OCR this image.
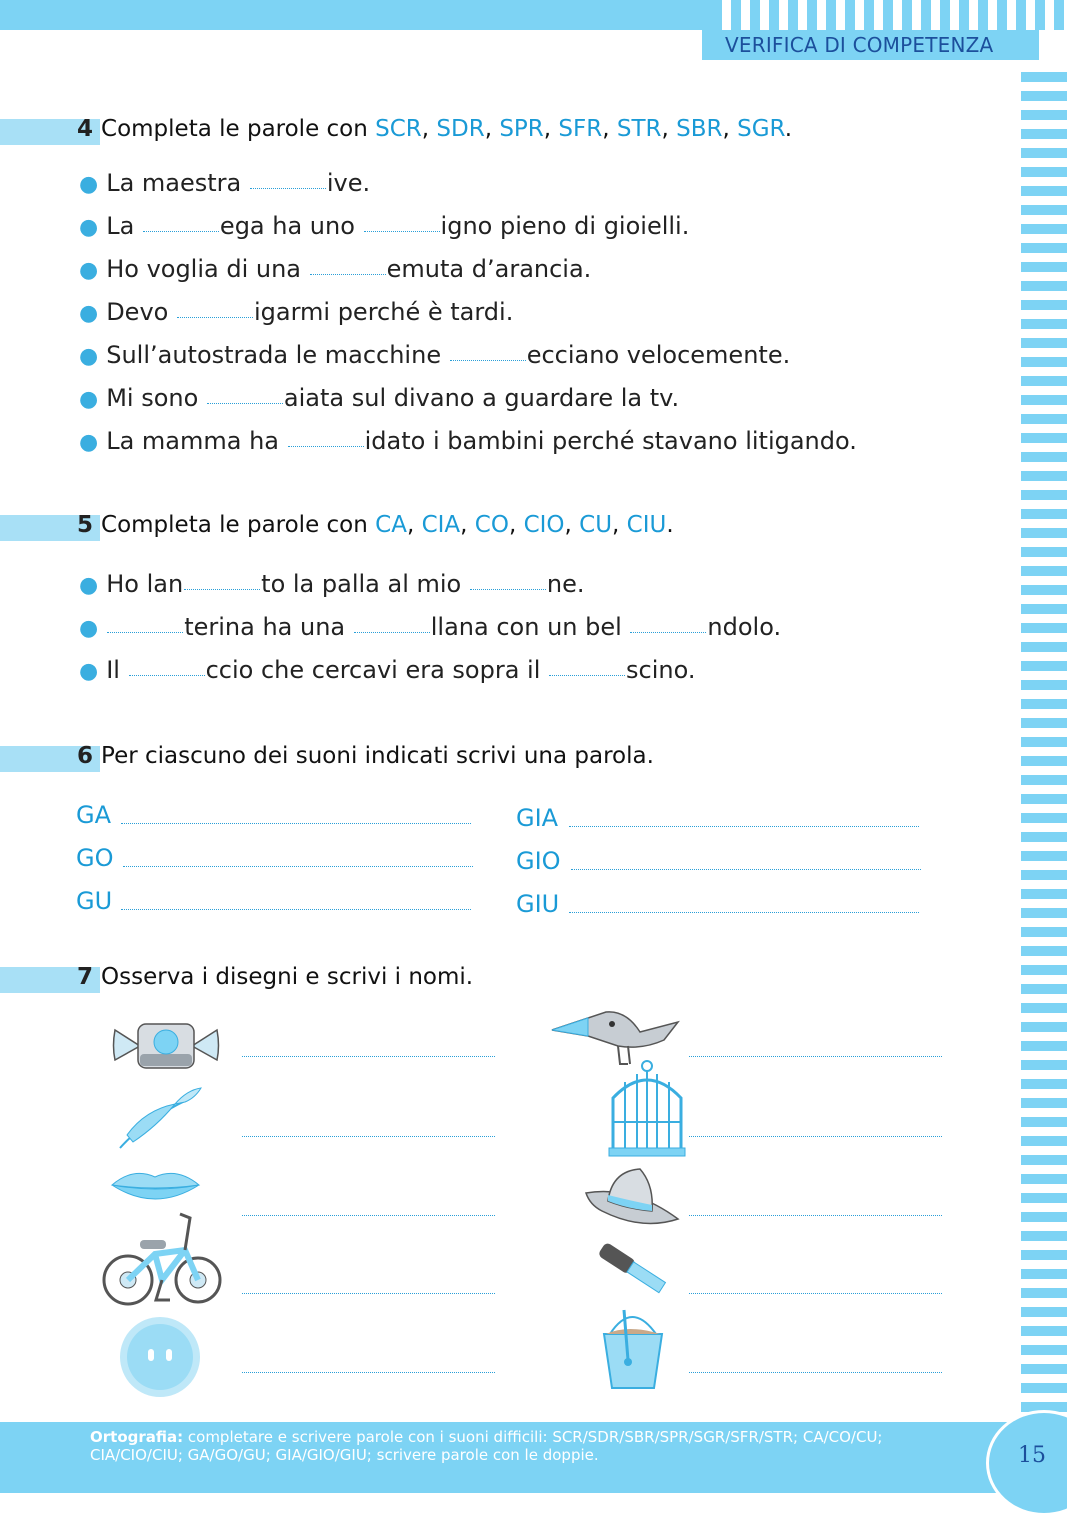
VERIFICA DI COMPETENZA
4 Completa le parole con SCR, SDR, SPR, SFR, STR, SBR, SGR.
● La maestra	ive.
● La	ega ha uno	igno pieno di gioielli.
● Ho voglia di una	emuta d’arancia.
● Devo	igarmi perché è tardi.
● Sull’autostrada le macchine	ecciano velocemente.
● Mi sono	aiata sul divano a guardare la tv.
● La mamma ha	idato i bambini perché stavano litigando.
5 Completa le parole con CA, CIA, CO, CIO, CU, CIU.
● Ho lan	to la palla al mio	ne.
●	terina ha una	llana con un bel	ndolo.
● Il	ccio che cercavi era sopra il	scino.
6 Per ciascuno dei suoni indicati scrivi una parola.
GA
GO
GU
GIA
GIO
GIU
7 Osserva i disegni e scrivi i nomi.
Ortografia: completare e scrivere parole con i suoni difficili: SCR/SDR/SBR/SPR/SGR/SFR/STR; CA/CO/CU; CIA/CIO/CIU; GA/GO/GU; GIA/GIO/GIU; scrivere parole con le doppie.	15
